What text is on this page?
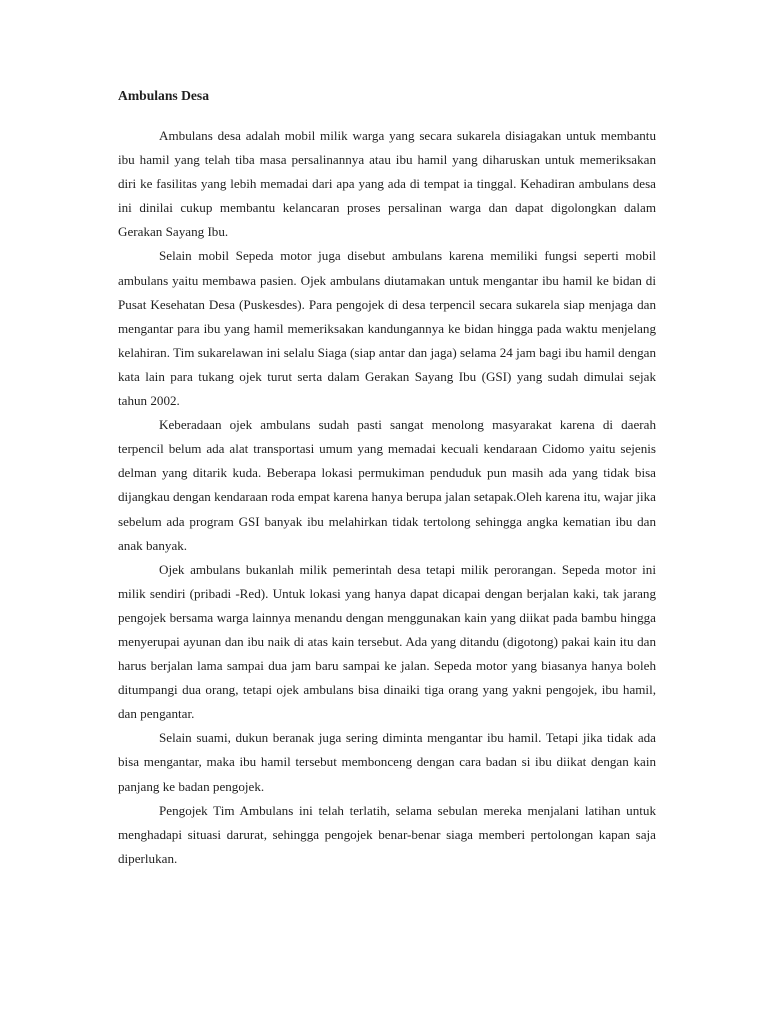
Ambulans Desa

Ambulans desa adalah mobil milik warga yang secara sukarela disiagakan untuk membantu ibu hamil yang telah tiba masa persalinannya atau ibu hamil yang diharuskan untuk memeriksakan diri ke fasilitas yang lebih memadai dari apa yang ada di tempat ia tinggal. Kehadiran ambulans desa ini dinilai cukup membantu kelancaran proses persalinan warga dan dapat digolongkan dalam Gerakan Sayang Ibu.

Selain mobil Sepeda motor juga disebut ambulans karena memiliki fungsi seperti mobil ambulans yaitu membawa pasien. Ojek ambulans diutamakan untuk mengantar ibu hamil ke bidan di Pusat Kesehatan Desa (Puskesdes). Para pengojek di desa terpencil secara sukarela siap menjaga dan mengantar para ibu yang hamil memeriksakan kandungannya ke bidan hingga pada waktu menjelang kelahiran. Tim sukarelawan ini selalu Siaga (siap antar dan jaga) selama 24 jam bagi ibu hamil dengan kata lain para tukang ojek turut serta dalam Gerakan Sayang Ibu (GSI) yang sudah dimulai sejak tahun 2002.

Keberadaan ojek ambulans sudah pasti sangat menolong masyarakat karena di daerah terpencil belum ada alat transportasi umum yang memadai kecuali kendaraan Cidomo yaitu sejenis delman yang ditarik kuda. Beberapa lokasi permukiman penduduk pun masih ada yang tidak bisa dijangkau dengan kendaraan roda empat karena hanya berupa jalan setapak.Oleh karena itu, wajar jika sebelum ada program GSI banyak ibu melahirkan tidak tertolong sehingga angka kematian ibu dan anak banyak.

Ojek ambulans bukanlah milik pemerintah desa tetapi milik perorangan. Sepeda motor ini milik sendiri (pribadi -Red). Untuk lokasi yang hanya dapat dicapai dengan berjalan kaki, tak jarang pengojek bersama warga lainnya menandu dengan menggunakan kain yang diikat pada bambu hingga menyerupai ayunan dan ibu naik di atas kain tersebut. Ada yang ditandu (digotong) pakai kain itu dan harus berjalan lama sampai dua jam baru sampai ke jalan. Sepeda motor yang biasanya hanya boleh ditumpangi dua orang, tetapi ojek ambulans bisa dinaiki tiga orang yang yakni pengojek, ibu hamil, dan pengantar.

Selain suami, dukun beranak juga sering diminta mengantar ibu hamil. Tetapi jika tidak ada bisa mengantar, maka ibu hamil tersebut membonceng dengan cara badan si ibu diikat dengan kain panjang ke badan pengojek.

Pengojek Tim Ambulans ini telah terlatih, selama sebulan mereka menjalani latihan untuk menghadapi situasi darurat, sehingga pengojek benar-benar siaga memberi pertolongan kapan saja diperlukan.
